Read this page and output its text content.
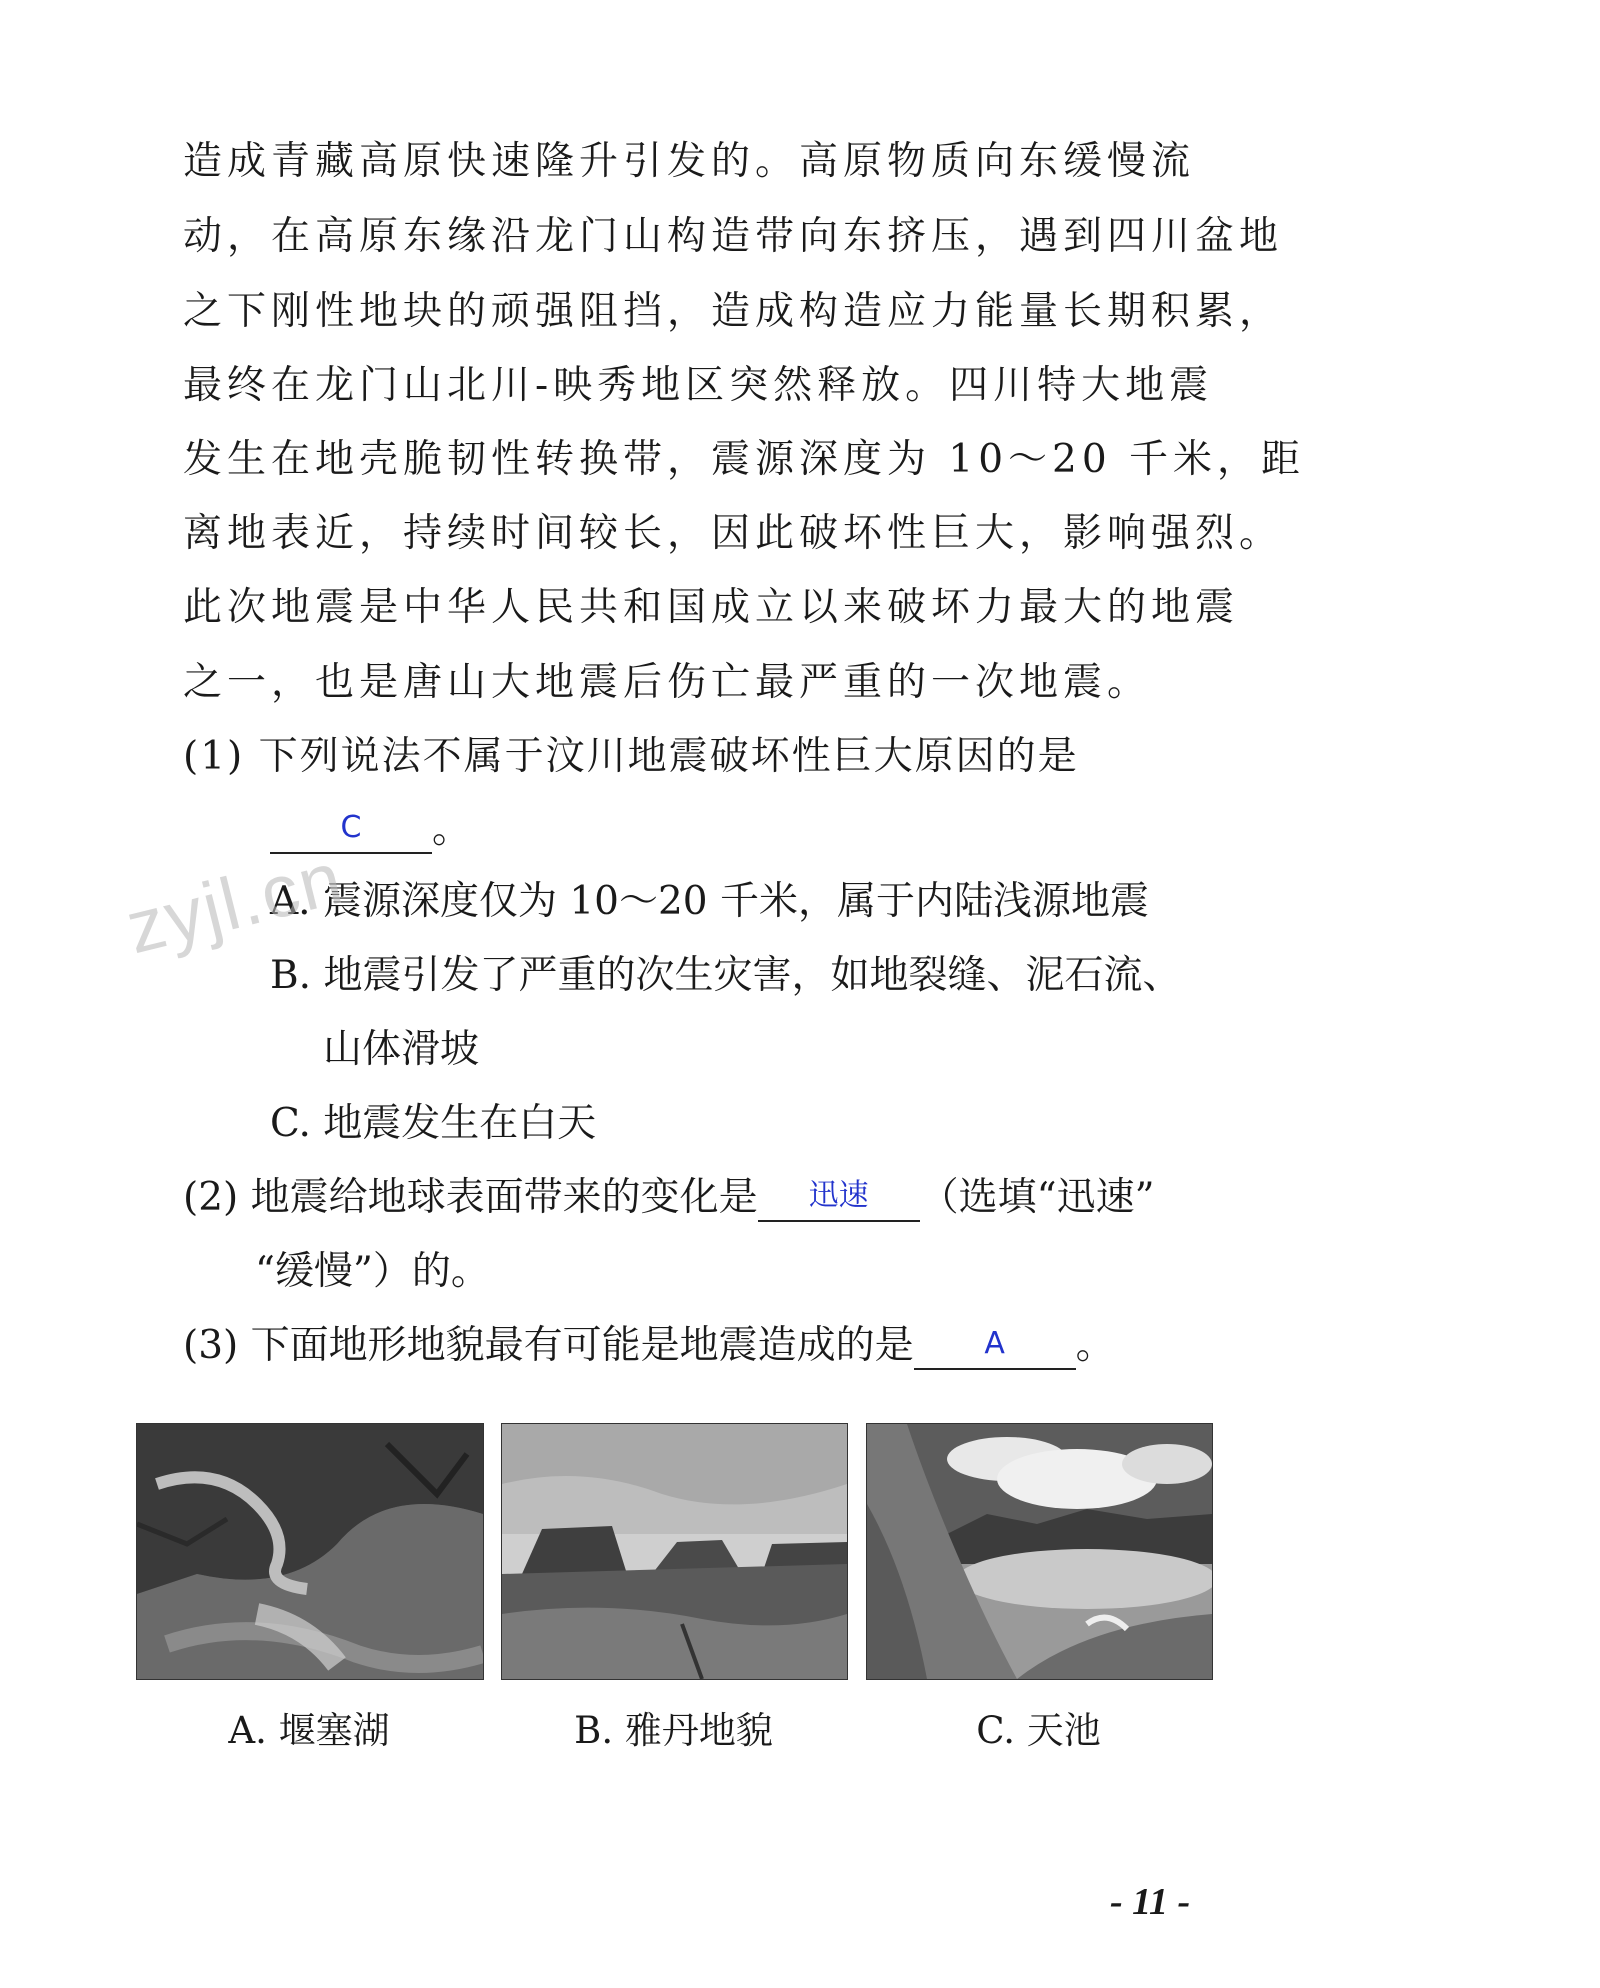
造成青藏高原快速隆升引发的。高原物质向东缓慢流
动，在高原东缘沿龙门山构造带向东挤压，遇到四川盆地
之下刚性地块的顽强阻挡，造成构造应力能量长期积累，
最终在龙门山北川-映秀地区突然释放。四川特大地震
发生在地壳脆韧性转换带，震源深度为 10～20 千米，距
离地表近，持续时间较长，因此破坏性巨大，影响强烈。
此次地震是中华人民共和国成立以来破坏力最大的地震
之一，也是唐山大地震后伤亡最严重的一次地震。
(1) 下列说法不属于汶川地震破坏性巨大原因的是
C	。
A. 震源深度仅为 10～20 千米，属于内陆浅源地震
B. 地震引发了严重的次生灾害，如地裂缝、泥石流、
山体滑坡
C. 地震发生在白天
(2) 地震给地球表面带来的变化是	迅速	（选填“迅速”
“缓慢”）的。
(3) 下面地形地貌最有可能是地震造成的是	A	。
zyjl.cn
A. 堰塞湖	B. 雅丹地貌	C. 天池
- 11 -
